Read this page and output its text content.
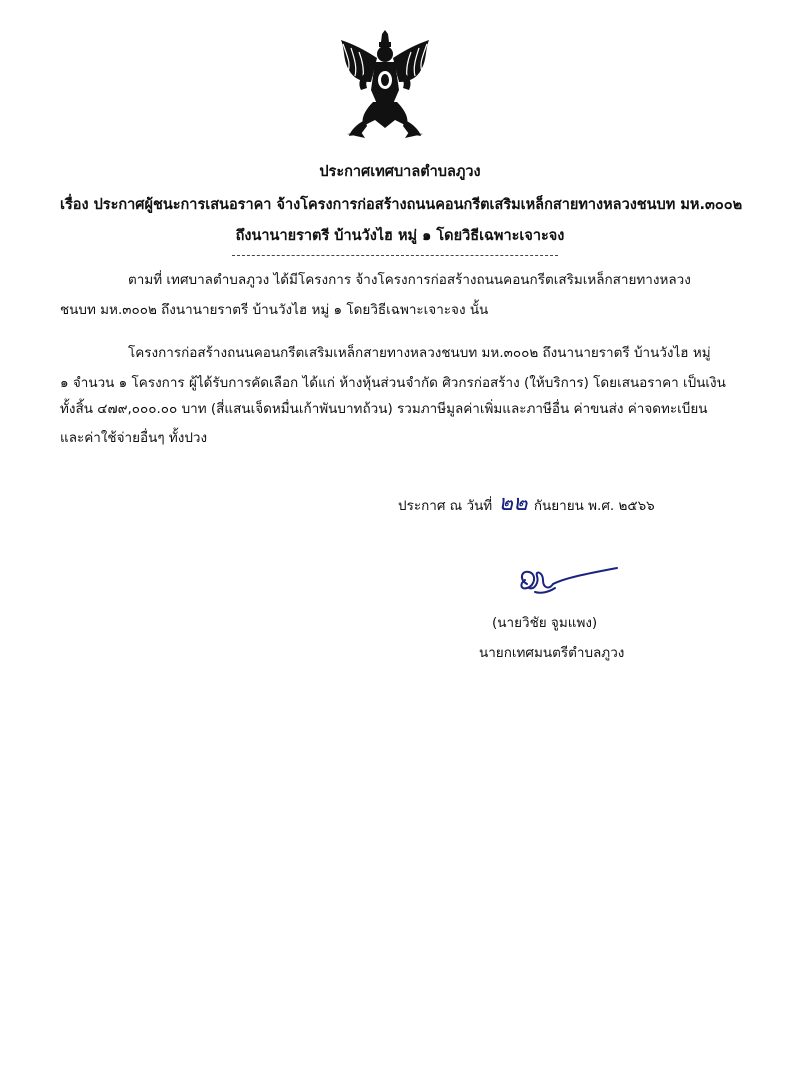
ประกาศเทศบาลตำบลภูวง
เรื่อง ประกาศผู้ชนะการเสนอราคา จ้างโครงการก่อสร้างถนนคอนกรีตเสริมเหล็กสายทางหลวงชนบท มห.๓๐๐๒
ถึงนานายราตรี บ้านวังไฮ หมู่ ๑ โดยวิธีเฉพาะเจาะจง
ตามที่ เทศบาลตำบลภูวง ได้มีโครงการ จ้างโครงการก่อสร้างถนนคอนกรีตเสริมเหล็กสายทางหลวง
ชนบท มห.๓๐๐๒ ถึงนานายราตรี บ้านวังไฮ หมู่ ๑ โดยวิธีเฉพาะเจาะจง นั้น
โครงการก่อสร้างถนนคอนกรีตเสริมเหล็กสายทางหลวงชนบท มห.๓๐๐๒ ถึงนานายราตรี บ้านวังไฮ หมู่
๑ จำนวน ๑ โครงการ ผู้ได้รับการคัดเลือก ได้แก่ ห้างหุ้นส่วนจำกัด ศิวกรก่อสร้าง (ให้บริการ) โดยเสนอราคา เป็นเงิน
ทั้งสิ้น ๔๗๙,๐๐๐.๐๐ บาท (สี่แสนเจ็ดหมื่นเก้าพันบาทถ้วน) รวมภาษีมูลค่าเพิ่มและภาษีอื่น ค่าขนส่ง ค่าจดทะเบียน
และค่าใช้จ่ายอื่นๆ ทั้งปวง
ประกาศ ณ วันที่ ๒๒ กันยายน พ.ศ. ๒๕๖๖
(นายวิชัย จูมแพง)
นายกเทศมนตรีตำบลภูวง
